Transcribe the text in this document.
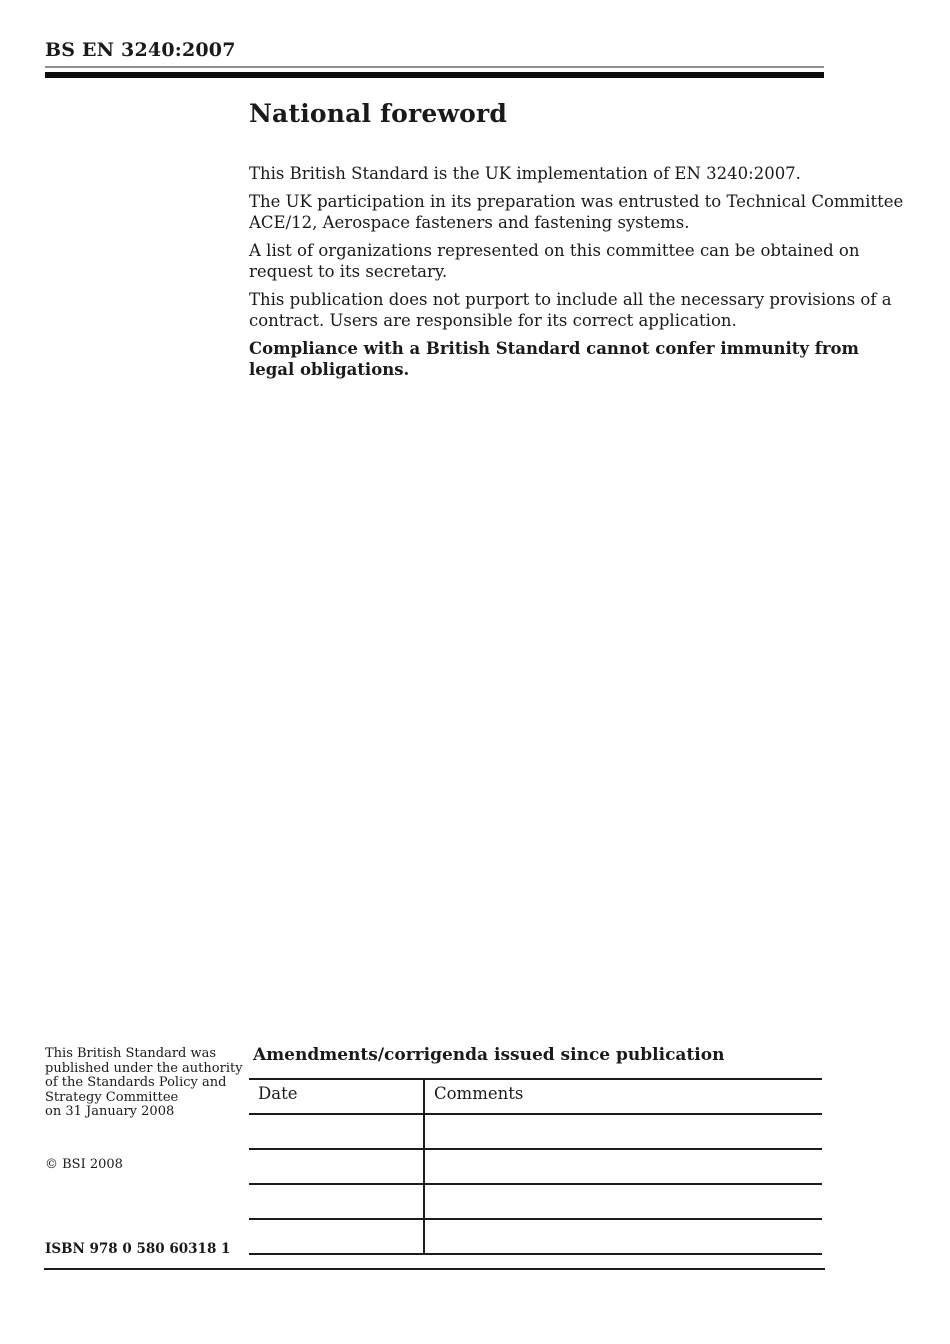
BS EN 3240:2007
National foreword
This British Standard is the UK implementation of EN 3240:2007.
The UK participation in its preparation was entrusted to Technical Committee
ACE/12, Aerospace fasteners and fastening systems.
A list of organizations represented on this committee can be obtained on
request to its secretary.
This publication does not purport to include all the necessary provisions of a
contract. Users are responsible for its correct application.
Compliance with a British Standard cannot confer immunity from
legal obligations.
This British Standard was
published under the authority
of the Standards Policy and
Strategy Committee
on 31 January 2008
© BSI 2008
ISBN 978 0 580 60318 1
Amendments/corrigenda issued since publication
Date	Comments
